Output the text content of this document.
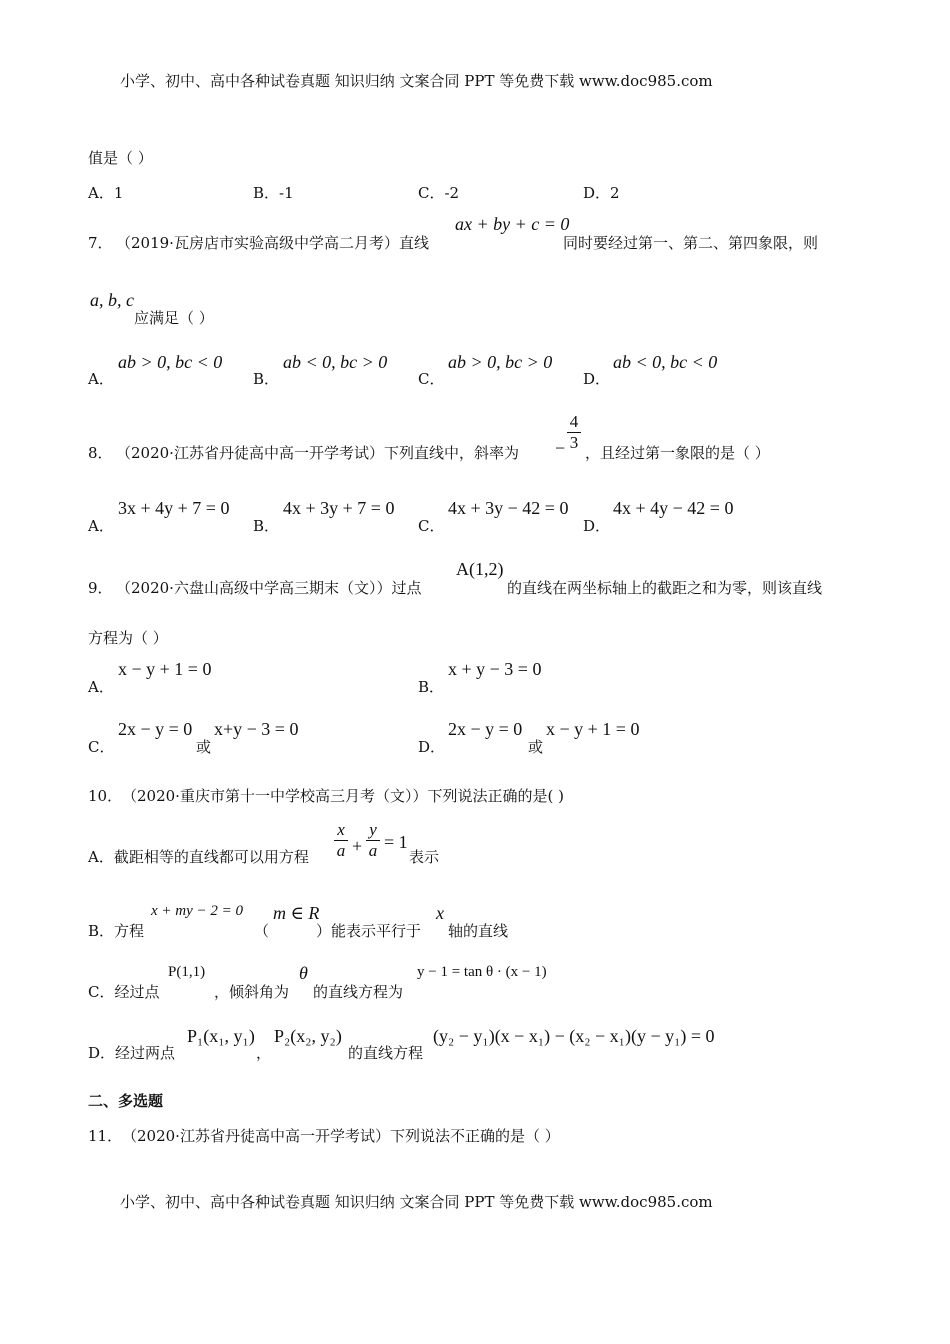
小学、初中、高中各种试卷真题 知识归纳 文案合同 PPT 等免费下载 www.doc985.com
小学、初中、高中各种试卷真题 知识归纳 文案合同 PPT 等免费下载 www.doc985.com
值是（ ）
A．1	B．-1	C．-2	D．2
7． （2019·瓦房店市实验高级中学高二月考）直线
ax + by + c = 0
同时要经过第一、第二、第四象限，则
a, b, c
应满足（ ）
A．
ab > 0, bc < 0
B．
ab < 0, bc > 0
C．
ab > 0, bc > 0
D．
ab < 0, bc < 0
8． （2020·江苏省丹徒高中高一开学考试）下列直线中，斜率为 −
4
3
，且经过第一象限的是（ ）
A．
3x + 4y + 7 = 0
B．
4x + 3y + 7 = 0
C．
4x + 3y − 42 = 0
D．
4x + 4y − 42 = 0
9． （2020·六盘山高级中学高三期末（文））过点
A(1,2)
的直线在两坐标轴上的截距之和为零，则该直线
方程为（ ）
A．
x − y + 1 = 0
B．
x + y − 3 = 0
C．
2x − y = 0
或
x+y − 3 = 0
D．
2x − y = 0
或
x − y + 1 = 0
10． （2020·重庆市第十一中学校高三月考（文））下列说法正确的是( )
A．截距相等的直线都可以用方程
x
a +
y
a = 1
表示
B．方程
x + my − 2 = 0
（
m ∈ R
）能表示平行于
x
轴的直线
C．经过点
P(1,1)
，倾斜角为
θ
的直线方程为
y − 1 = tan θ · (x − 1)
D．经过两点
P₁(x₁, y₁)
，
P₂(x₂, y₂)
的直线方程
(y₂ − y₁)(x − x₁) − (x₂ − x₁)(y − y₁) = 0
二、多选题
11． （2020·江苏省丹徒高中高一开学考试）下列说法不正确的是（ ）
